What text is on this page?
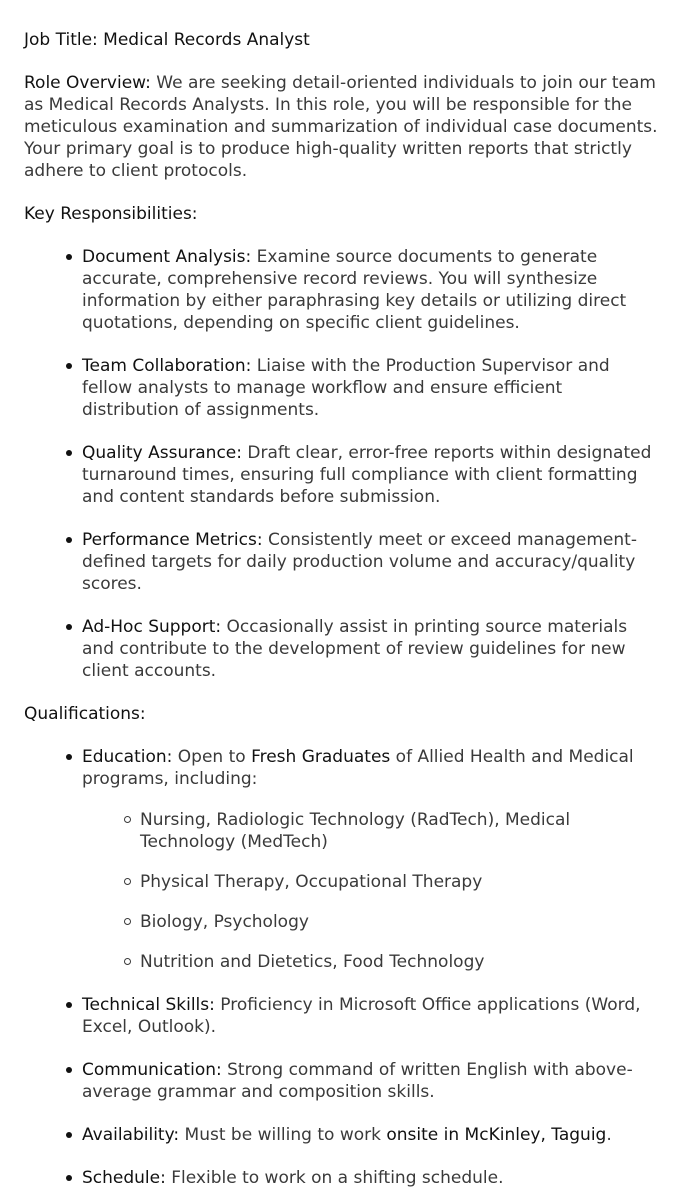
Job Title: Medical Records Analyst

Role Overview: We are seeking detail-oriented individuals to join our team as Medical Records Analysts. In this role, you will be responsible for the meticulous examination and summarization of individual case documents. Your primary goal is to produce high-quality written reports that strictly adhere to client protocols.

Key Responsibilities:

Document Analysis: Examine source documents to generate accurate, comprehensive record reviews. You will synthesize information by either paraphrasing key details or utilizing direct quotations, depending on specific client guidelines.
Team Collaboration: Liaise with the Production Supervisor and fellow analysts to manage workflow and ensure efficient distribution of assignments.
Quality Assurance: Draft clear, error-free reports within designated turnaround times, ensuring full compliance with client formatting and content standards before submission.
Performance Metrics: Consistently meet or exceed management-defined targets for daily production volume and accuracy/quality scores.
Ad-Hoc Support: Occasionally assist in printing source materials and contribute to the development of review guidelines for new client accounts.

Qualifications:

Education: Open to Fresh Graduates of Allied Health and Medical programs, including:
Nursing, Radiologic Technology (RadTech), Medical Technology (MedTech)
Physical Therapy, Occupational Therapy
Biology, Psychology
Nutrition and Dietetics, Food Technology
Technical Skills: Proficiency in Microsoft Office applications (Word, Excel, Outlook).
Communication: Strong command of written English with above-average grammar and composition skills.
Availability: Must be willing to work onsite in McKinley, Taguig.
Schedule: Flexible to work on a shifting schedule.
